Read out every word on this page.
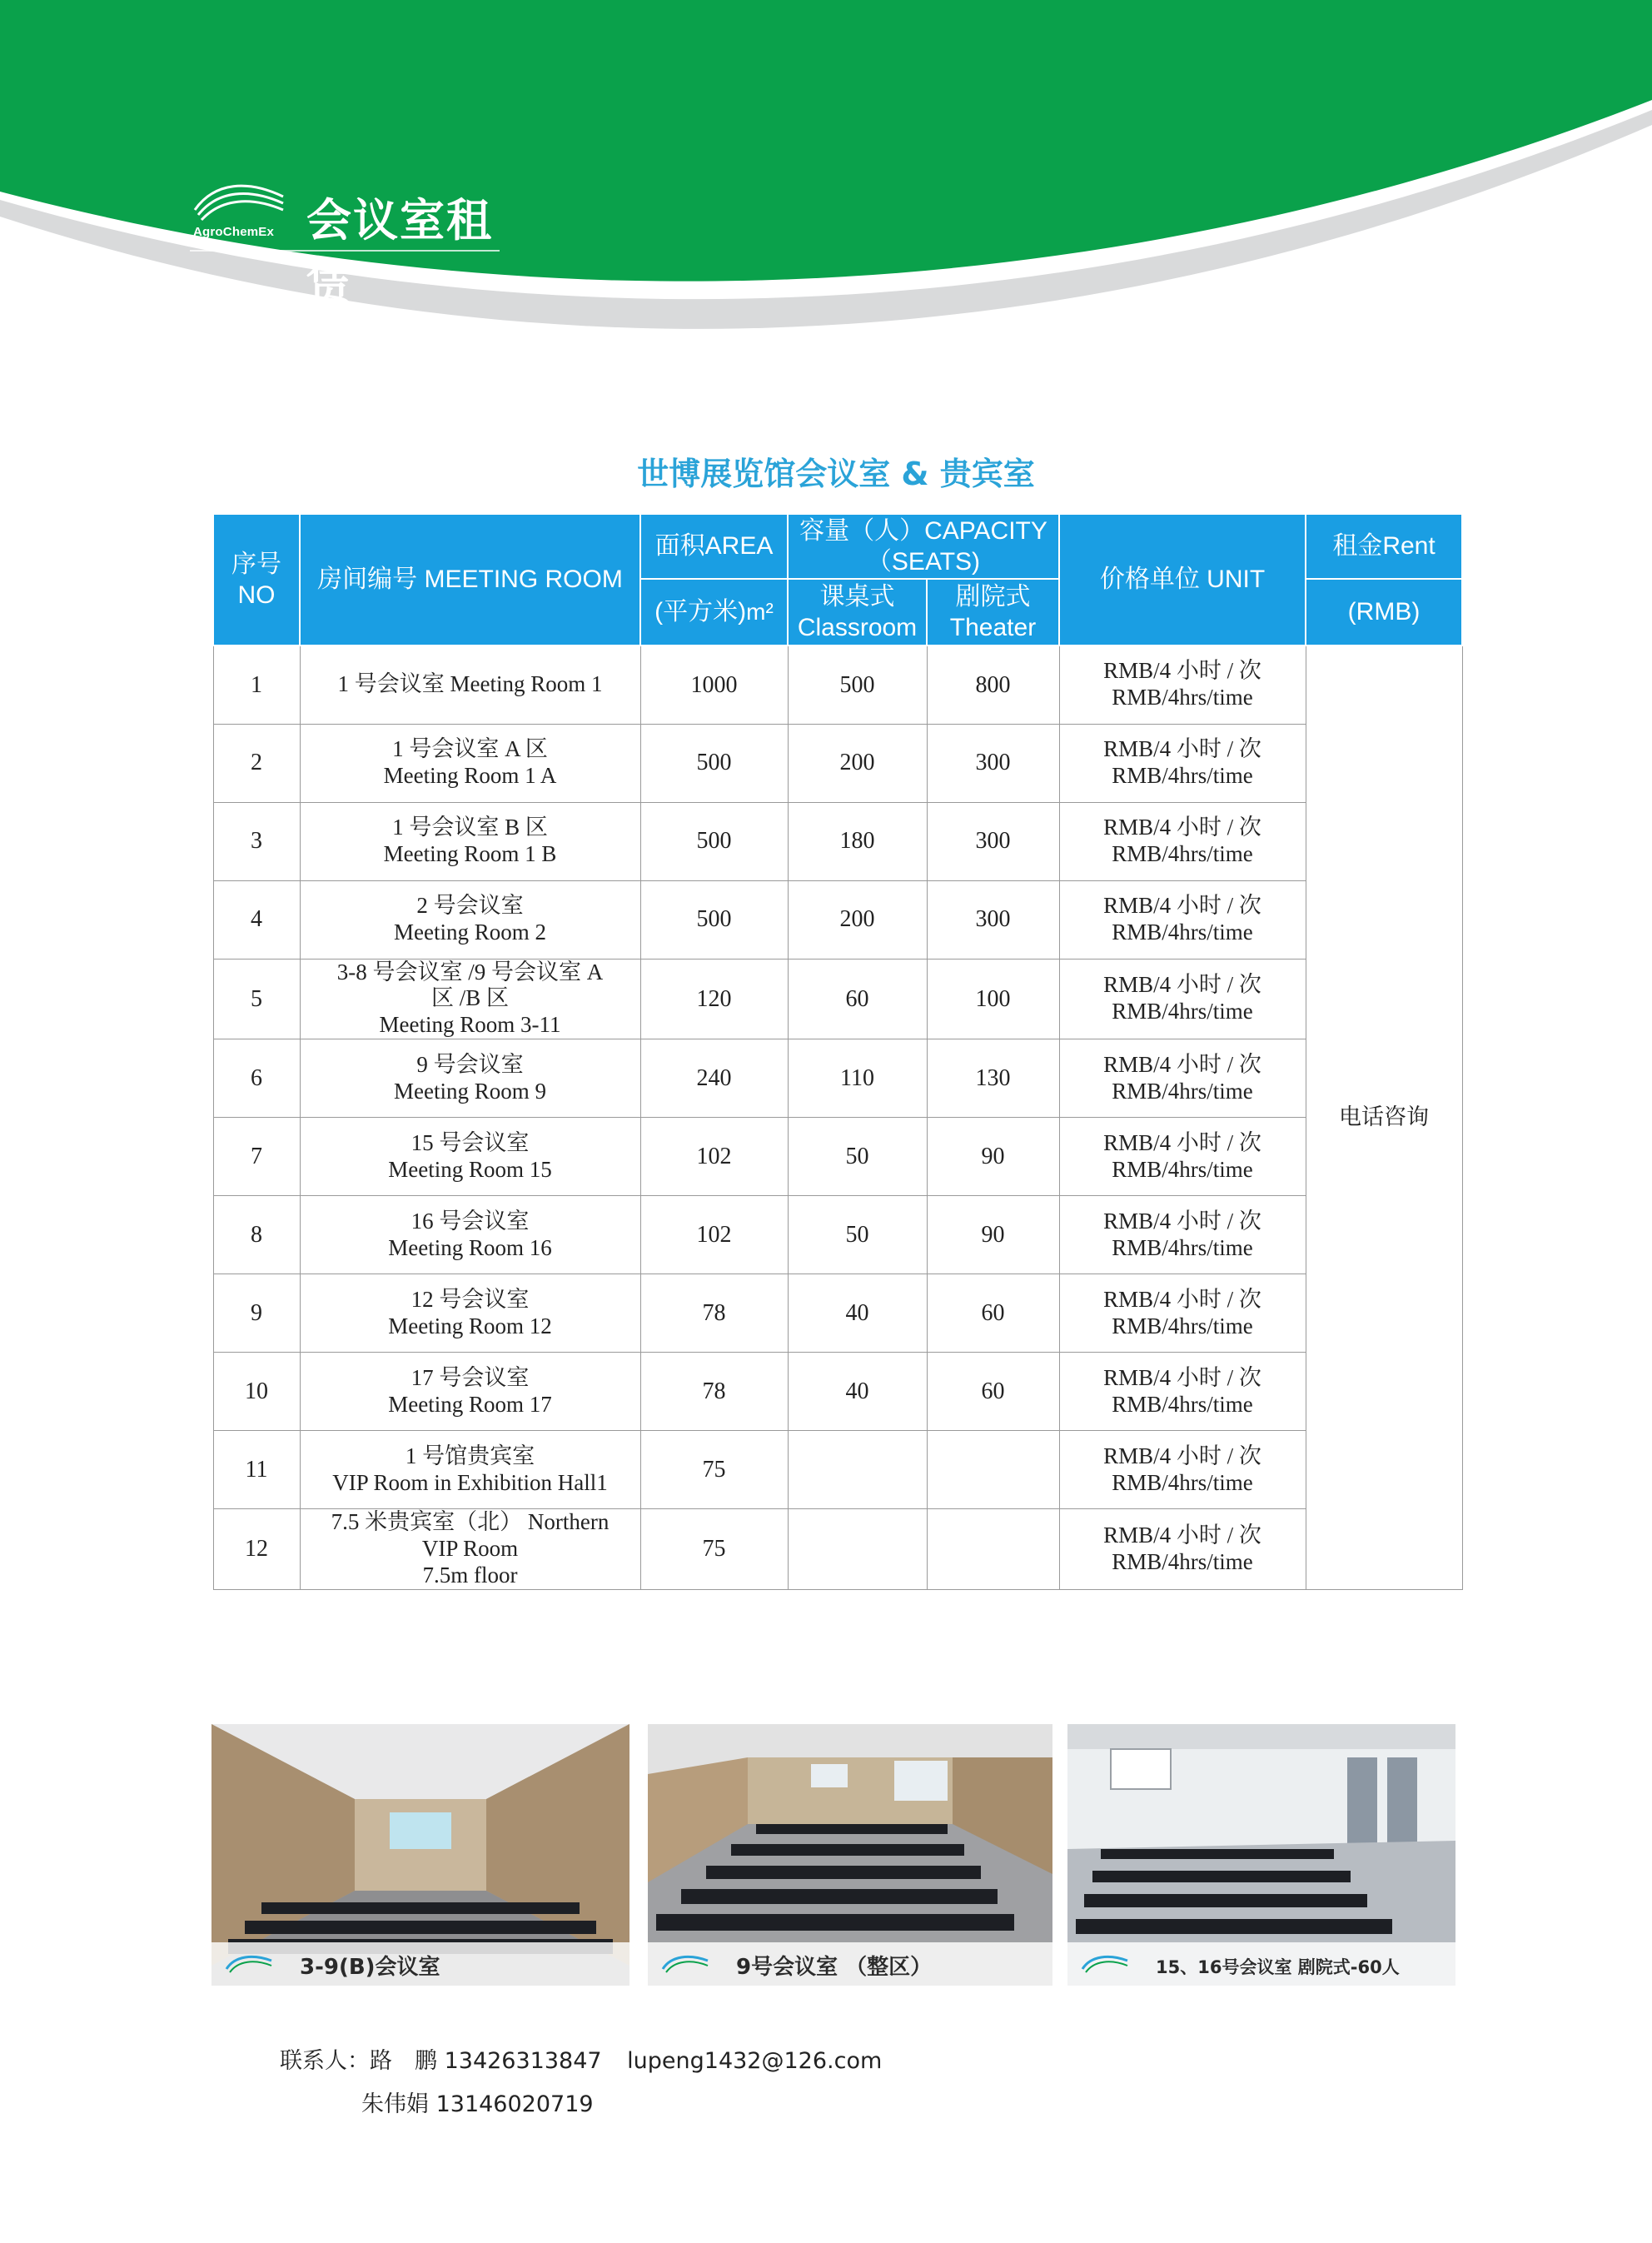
AgroChemEx 会议室租赁
世博展览馆会议室 & 贵宾室
序号NO	房间编号 MEETING ROOM	面积AREA	容量（人）CAPACITY（SEATS)		价格单位 UNIT	租金Rent
		(平方米)m²	课桌式Classroom	剧院式Theater		(RMB)
1	1 号会议室 Meeting Room 1	1000	500	800	RMB/4 小时 / 次
RMB/4hrs/time	电话咨询
2	1 号会议室 A 区
Meeting Room 1 A	500	200	300	RMB/4 小时 / 次
RMB/4hrs/time	

3	1 号会议室 B 区
Meeting Room 1 B	500	180	300	RMB/4 小时 / 次
RMB/4hrs/time	

4	2 号会议室
Meeting Room 2	500	200	300	RMB/4 小时 / 次
RMB/4hrs/time	

5	3-8 号会议室 /9 号会议室 A
区 /B 区
Meeting Room 3-11	120	60	100	RMB/4 小时 / 次
RMB/4hrs/time	

6	9 号会议室
Meeting Room 9	240	110	130	RMB/4 小时 / 次
RMB/4hrs/time	

7	15 号会议室
Meeting Room 15	102	50	90	RMB/4 小时 / 次
RMB/4hrs/time	

8	16 号会议室
Meeting Room 16	102	50	90	RMB/4 小时 / 次
RMB/4hrs/time	

9	12 号会议室
Meeting Room 12	78	40	60	RMB/4 小时 / 次
RMB/4hrs/time	

10	17 号会议室
Meeting Room 17	78	40	60	RMB/4 小时 / 次
RMB/4hrs/time	

11	1 号馆贵宾室
VIP Room in Exhibition Hall1	75			RMB/4 小时 / 次
RMB/4hrs/time	

12	7.5 米贵宾室（北） Northern
VIP Room
7.5m floor	75			RMB/4 小时 / 次
RMB/4hrs/time	
3-9(B)会议室	9号会议室 （整区）	15、16号会议室 剧院式-60人
联系人：路　鹏 13426313847 lupeng1432@126.com
朱伟娟 13146020719
